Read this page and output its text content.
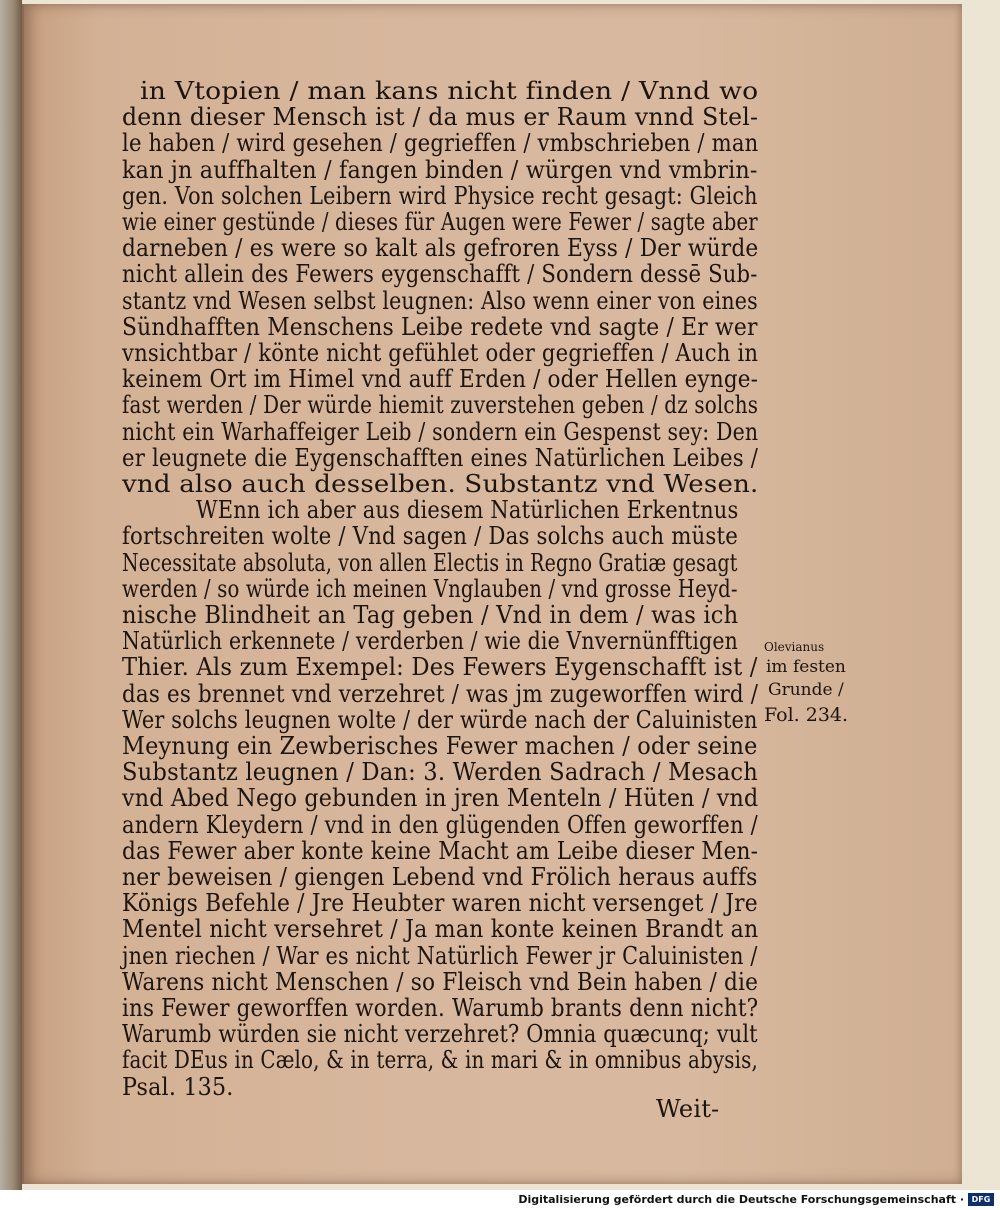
in Vtopien / man kans nicht finden / Vnnd wo
denn dieser Mensch ist / da mus er Raum vnnd Stel-
le haben / wird gesehen / gegrieffen / vmbschrieben / man
kan jn auffhalten / fangen binden / würgen vnd vmbrin-
gen. Von solchen Leibern wird Physice recht gesagt: Gleich
wie einer gestünde / dieses für Augen were Fewer / sagte aber
darneben / es were so kalt als gefroren Eyss / Der würde
nicht allein des Fewers eygenschafft / Sondern dessē Sub-
stantz vnd Wesen selbst leugnen: Also wenn einer von eines
Sündhafften Menschens Leibe redete vnd sagte / Er wer
vnsichtbar / könte nicht gefühlet oder gegrieffen / Auch in
keinem Ort im Himel vnd auff Erden / oder Hellen eynge-
fast werden / Der würde hiemit zuverstehen geben / dz solchs
nicht ein Warhaffeiger Leib / sondern ein Gespenst sey: Den
er leugnete die Eygenschafften eines Natürlichen Leibes /
vnd also auch desselben. Substantz vnd Wesen.
WEnn ich aber aus diesem Natürlichen Erkentnus
fortschreiten wolte / Vnd sagen / Das solchs auch müste
Necessitate absoluta, von allen Electis in Regno Gratiæ gesagt
werden / so würde ich meinen Vnglauben / vnd grosse Heyd-
nische Blindheit an Tag geben / Vnd in dem / was ich
Natürlich erkennete / verderben / wie die Vnvernünfftigen
Thier. Als zum Exempel: Des Fewers Eygenschafft ist /
das es brennet vnd verzehret / was jm zugeworffen wird /
Wer solchs leugnen wolte / der würde nach der Caluinisten
Meynung ein Zewberisches Fewer machen / oder seine
Substantz leugnen / Dan: 3. Werden Sadrach / Mesach
vnd Abed Nego gebunden in jren Menteln / Hüten / vnd
andern Kleydern / vnd in den glügenden Offen geworffen /
das Fewer aber konte keine Macht am Leibe dieser Men-
ner beweisen / giengen Lebend vnd Frölich heraus auffs
Königs Befehle / Jre Heubter waren nicht versenget / Jre
Mentel nicht versehret / Ja man konte keinen Brandt an
jnen riechen / War es nicht Natürlich Fewer jr Caluinisten /
Warens nicht Menschen / so Fleisch vnd Bein haben / die
ins Fewer geworffen worden. Warumb brants denn nicht?
Warumb würden sie nicht verzehret? Omnia quæcunq; vult
facit DEus in Cælo, & in terra, & in mari & in omnibus abysis,
Psal. 135.
Weit-
Olevianus
im festen
Grunde /
Fol. 234.
Digitalisierung gefördert durch die Deutsche Forschungsgemeinschaft · DFG
